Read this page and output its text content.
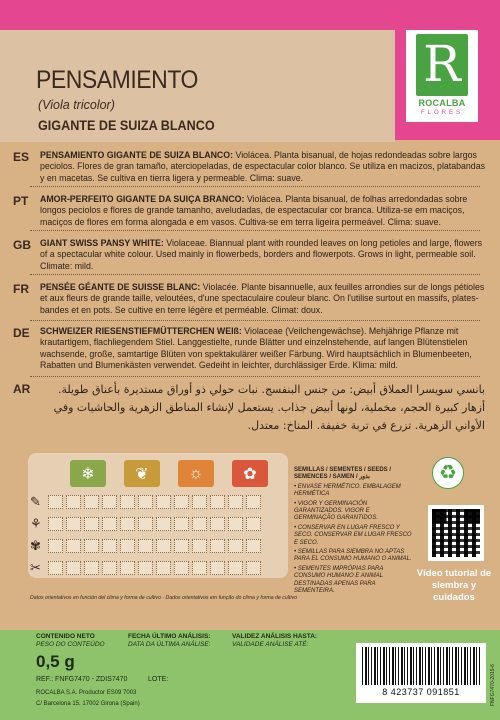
R
ROCALBA
FLORES
PENSAMIENTO
(Viola tricolor)
GIGANTE DE SUIZA BLANCO
ES PENSAMIENTO GIGANTE DE SUIZA BLANCO: Violácea. Planta bisanual, de hojas redondeadas sobre largos peciolos. Flores de gran tamaño, aterciopeladas, de espectacular color blanco. Se utiliza en macizos, platabandas y en macetas. Se cultiva en tierra ligera y permeable. Clima: suave.
PT AMOR-PERFEITO GIGANTE DA SUIÇA BRANCO: Violácea. Planta bisanual, de folhas arredondadas sobre longos peciolos e flores de grande tamanho, aveludadas, de espectacular cor branca. Utiliza-se em maciços, maciços de flores em forma alongada e em vasos. Cultiva-se em terra ligeira permeável. Clima: suave.
GB GIANT SWISS PANSY WHITE: Violaceae. Biannual plant with rounded leaves on long petioles and large, flowers of a spectacular white colour. Used mainly in flowerbeds, borders and flowerpots. Grows in light, permeable soil. Climate: mild.
FR PENSÉE GÉANTE DE SUISSE BLANC: Violacée. Plante bisannuelle, aux feuilles arrondies sur de longs pétioles et aux fleurs de grande taille, veloutées, d'une spectaculaire couleur blanc. On l'utilise surtout en massifs, plates-bandes et en pots. Se cultive en terre légère et perméable. Climat: doux.
DE SCHWEIZER RIESENSTIEFMÜTTERCHEN WEIß: Violaceae (Veilchengewächse). Mehjährige Pflanze mit krautartigem, flachliegendem Stiel. Langgestielte, runde Blätter und einzelnstehende, auf langen Blütenstielen wachsende, große, samtartige Blüten von spektakulärer weißer Färbung. Wird hauptsächlich in Blumenbeeten, Rabatten und Blumenkästen verwendet. Gedeiht in leichter, durchlässiger Erde. Klima: mild.
AR	بانسي سويسرا العملاق أبيض: من جنس البنفسج. نبات حولي ذو أوراق مستديرة بأعناق طويلة. أزهار كبيرة الحجم، مخملية، لونها أبيض جذاب. يستعمل لإنشاء المناطق الزهرية والحاشيات وفي الأواني الزهرية. تزرع في تربة خفيفة. المناخ: معتدل.
❄	❦	☼	✿
✎
⚘
✾
✂
SEMILLAS / SEMENTES / SEEDS / SEMENCES / SAMEN / بذور
• ENVASE HERMÉTICO. EMBALAGEM HERMÉTICA
• VIGOR Y GERMINACIÓN GARANTIZADOS. VIGOR E GERMINAÇÃO GARANTIDOS.
• CONSERVAR EN LUGAR FRESCO Y SECO. CONSERVAR EM LUGAR FRESCO E SECO.
• SEMILLAS PARA SIEMBRA NO APTAS PARA EL CONSUMO HUMANO O ANIMAL.
• SEMENTES IMPRÓPIAS PARA CONSUMO HUMANO E ANIMAL DESTINADAS APENAS PARA SEMENTEIRA.
♻
Vídeo tutorial de siembra y cuidados
Datos orientativos en función del clima y forma de cultivo · Dados orientativos em função do clima y forma de cultivo
CONTENIDO NETO
PESO DO CONTEÚDO
0,5 g
REF.: FNFG7470 - ZDIS7470	LOTE:
ROCALBA S.A. Productor ES09 7003
C/ Barcelona 15. 17002 Girona (Spain)
FECHA ÚLTIMO ANÁLISIS:
DATA DA ÚLTIMA ANÁLISE:
VALIDEZ ANÁLISIS HASTA:
VALIDADE ANÁLISE ATÉ:
8 423737 091851	FNFG7470-2019-6
